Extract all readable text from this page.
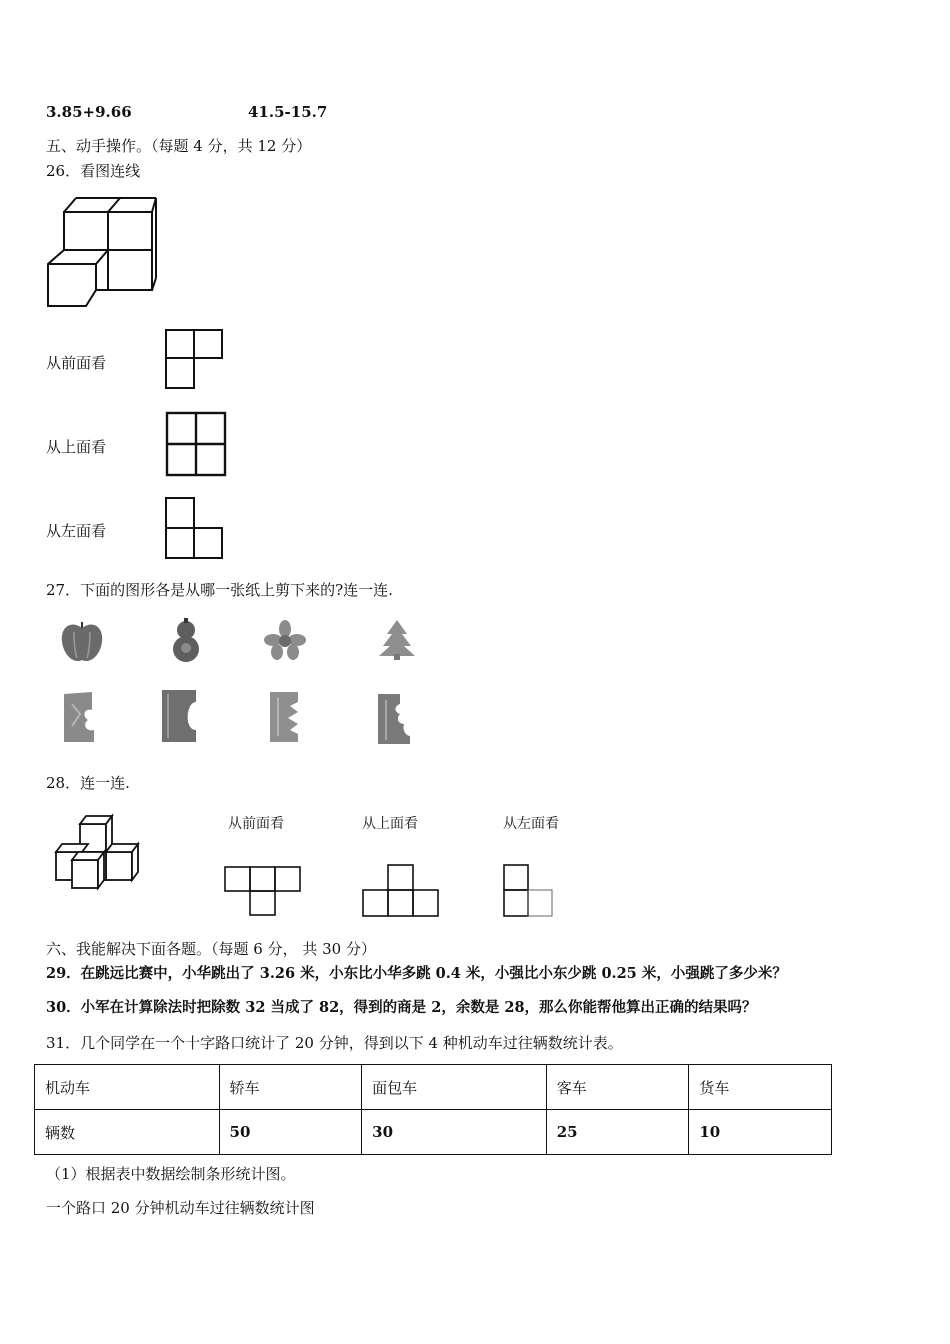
3.85+9.66	41.5-15.7
五、动手操作。（每题 4 分，共 12 分）
26．看图连线
从前面看
从上面看
从左面看
27．下面的图形各是从哪一张纸上剪下来的?连一连.
28．连一连.
从前面看	从上面看	从左面看
六、我能解决下面各题。（每题 6 分， 共 30 分）
29．在跳远比赛中，小华跳出了 3.26 米，小东比小华多跳 0.4 米，小强比小东少跳 0.25 米，小强跳了多少米？
30．小军在计算除法时把除数 32 当成了 82，得到的商是 2，余数是 28，那么你能帮他算出正确的结果吗？
31．几个同学在一个十字路口统计了 20 分钟，得到以下 4 种机动车过往辆数统计表。
机动车	轿车	面包车	客车	货车
辆数	50	30	25	10
（1）根据表中数据绘制条形统计图。
一个路口 20 分钟机动车过往辆数统计图
